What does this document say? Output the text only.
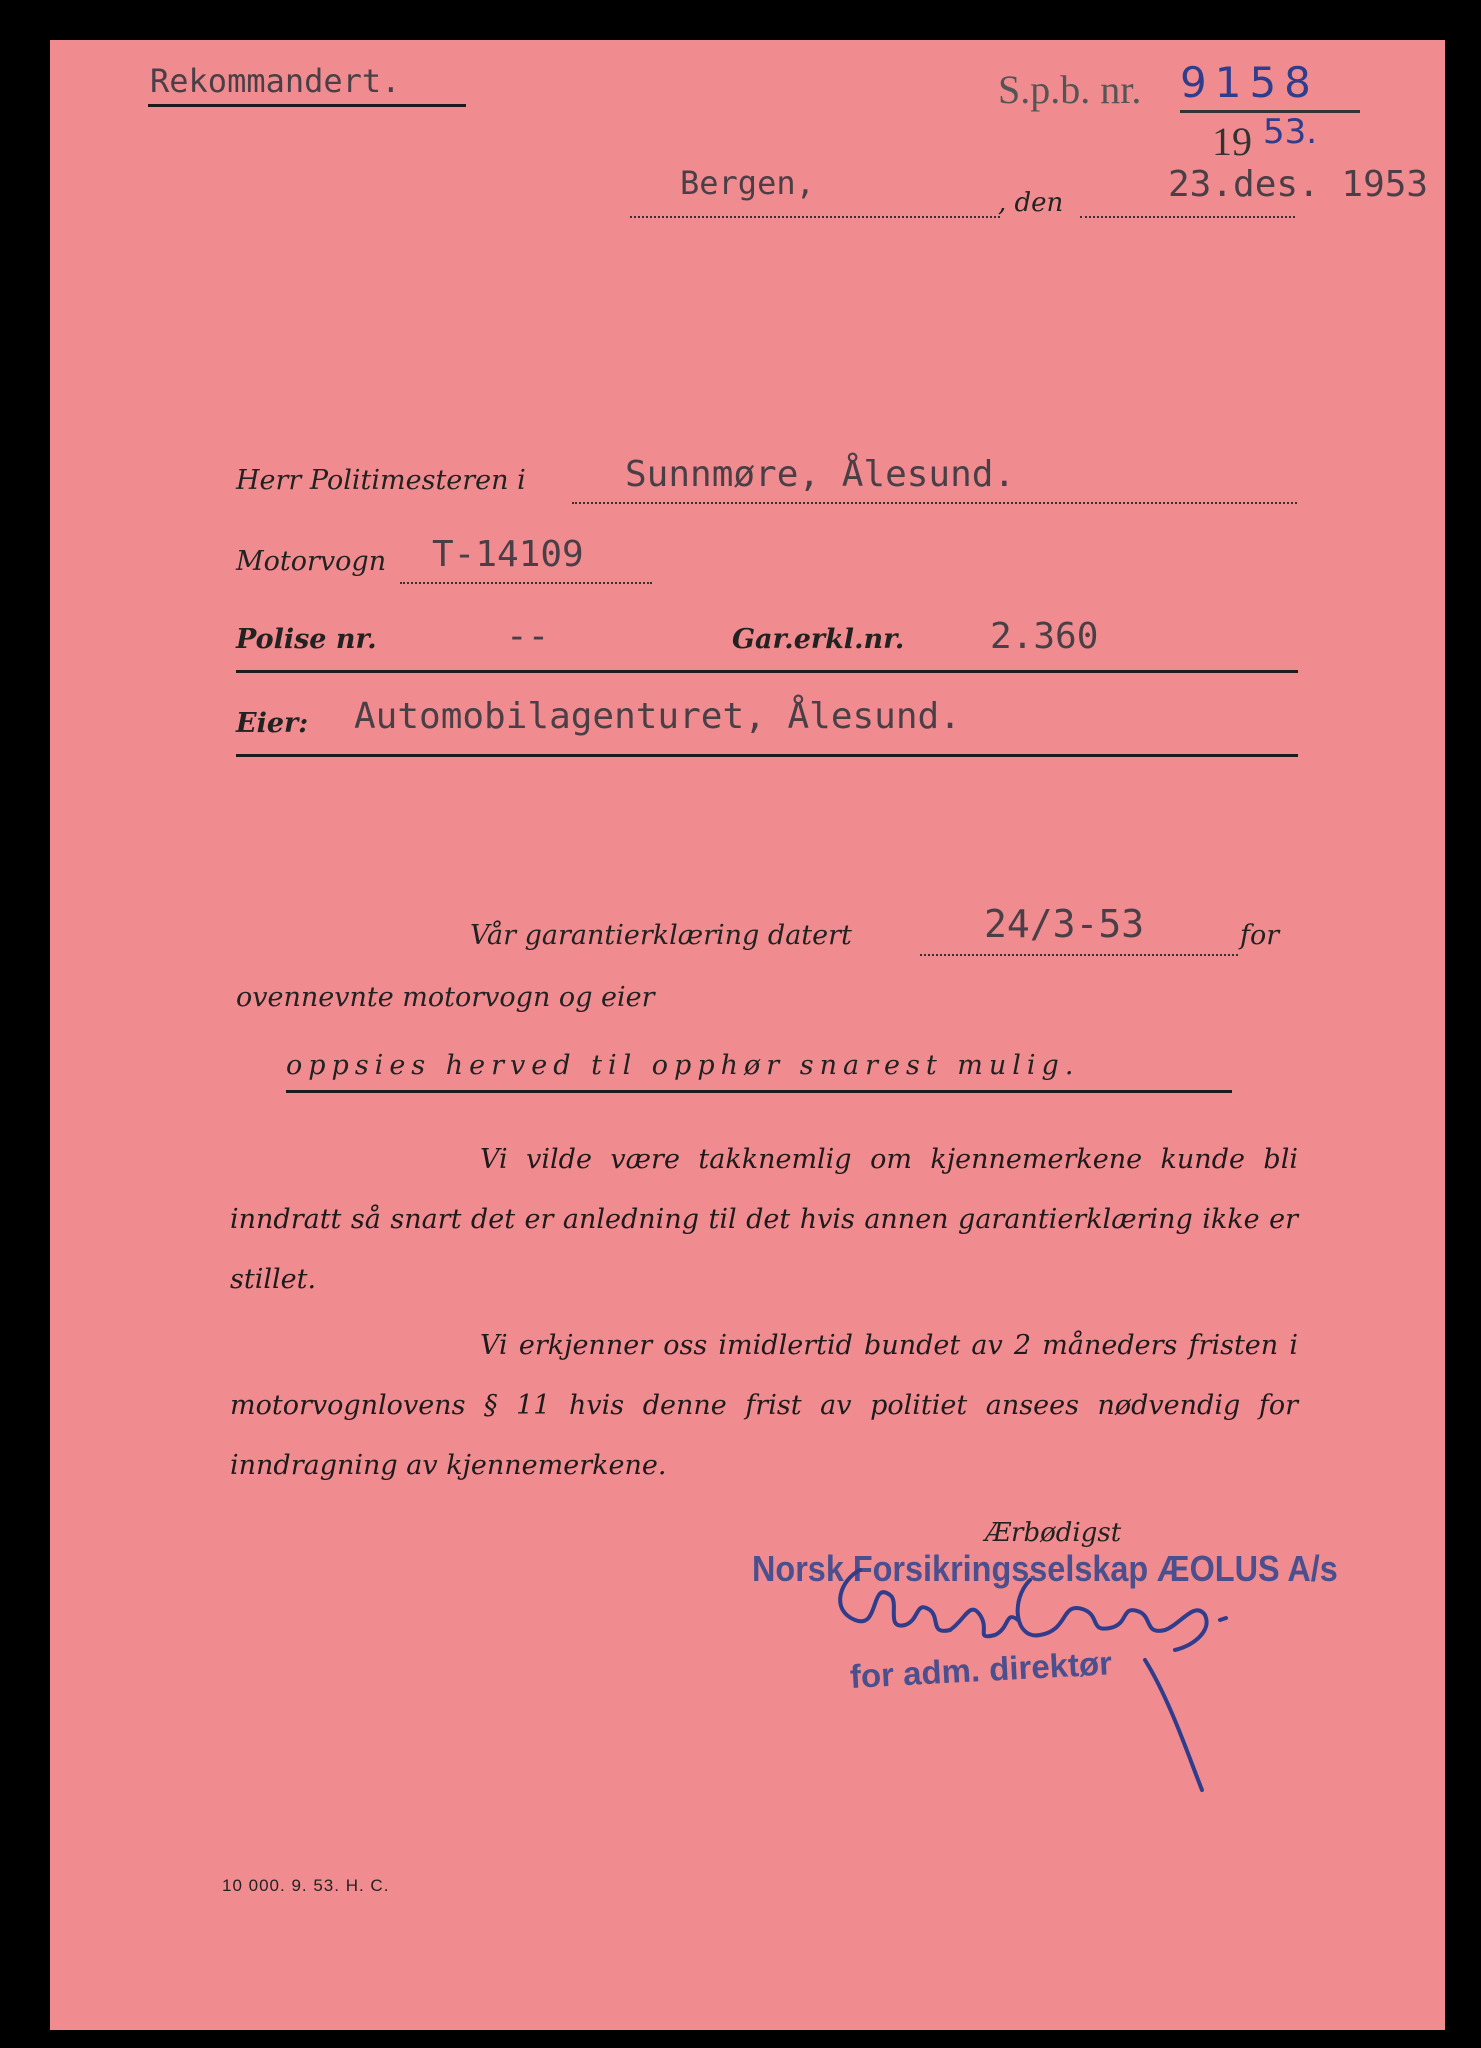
Rekommandert.	S.p.b. nr. 9158
19 53.
Bergen,
, den	23.des. 1953
Herr Politimesteren i	Sunnmøre, Ålesund.
Motorvogn T-14109
Polise nr.	--	Gar.erkl.nr. 2.360
Eier: Automobilagenturet, Ålesund.
Vår garantierklæring datert	24/3-53	for
ovennevnte motorvogn og eier
oppsies herved til opphør snarest mulig.
Vi vilde være takknemlig om kjennemerkene kunde bli inndratt så snart det er anledning til det hvis annen garantierklæring ikke er stillet.
Vi erkjenner oss imidlertid bundet av 2 måneders fristen i motorvognlovens § 11 hvis denne frist av politiet ansees nødvendig for inndragning av kjennemerkene.
Ærbødigst
Norsk Forsikringsselskap ÆOLUS A/s
for adm. direktør
10 000. 9. 53. H. C.
